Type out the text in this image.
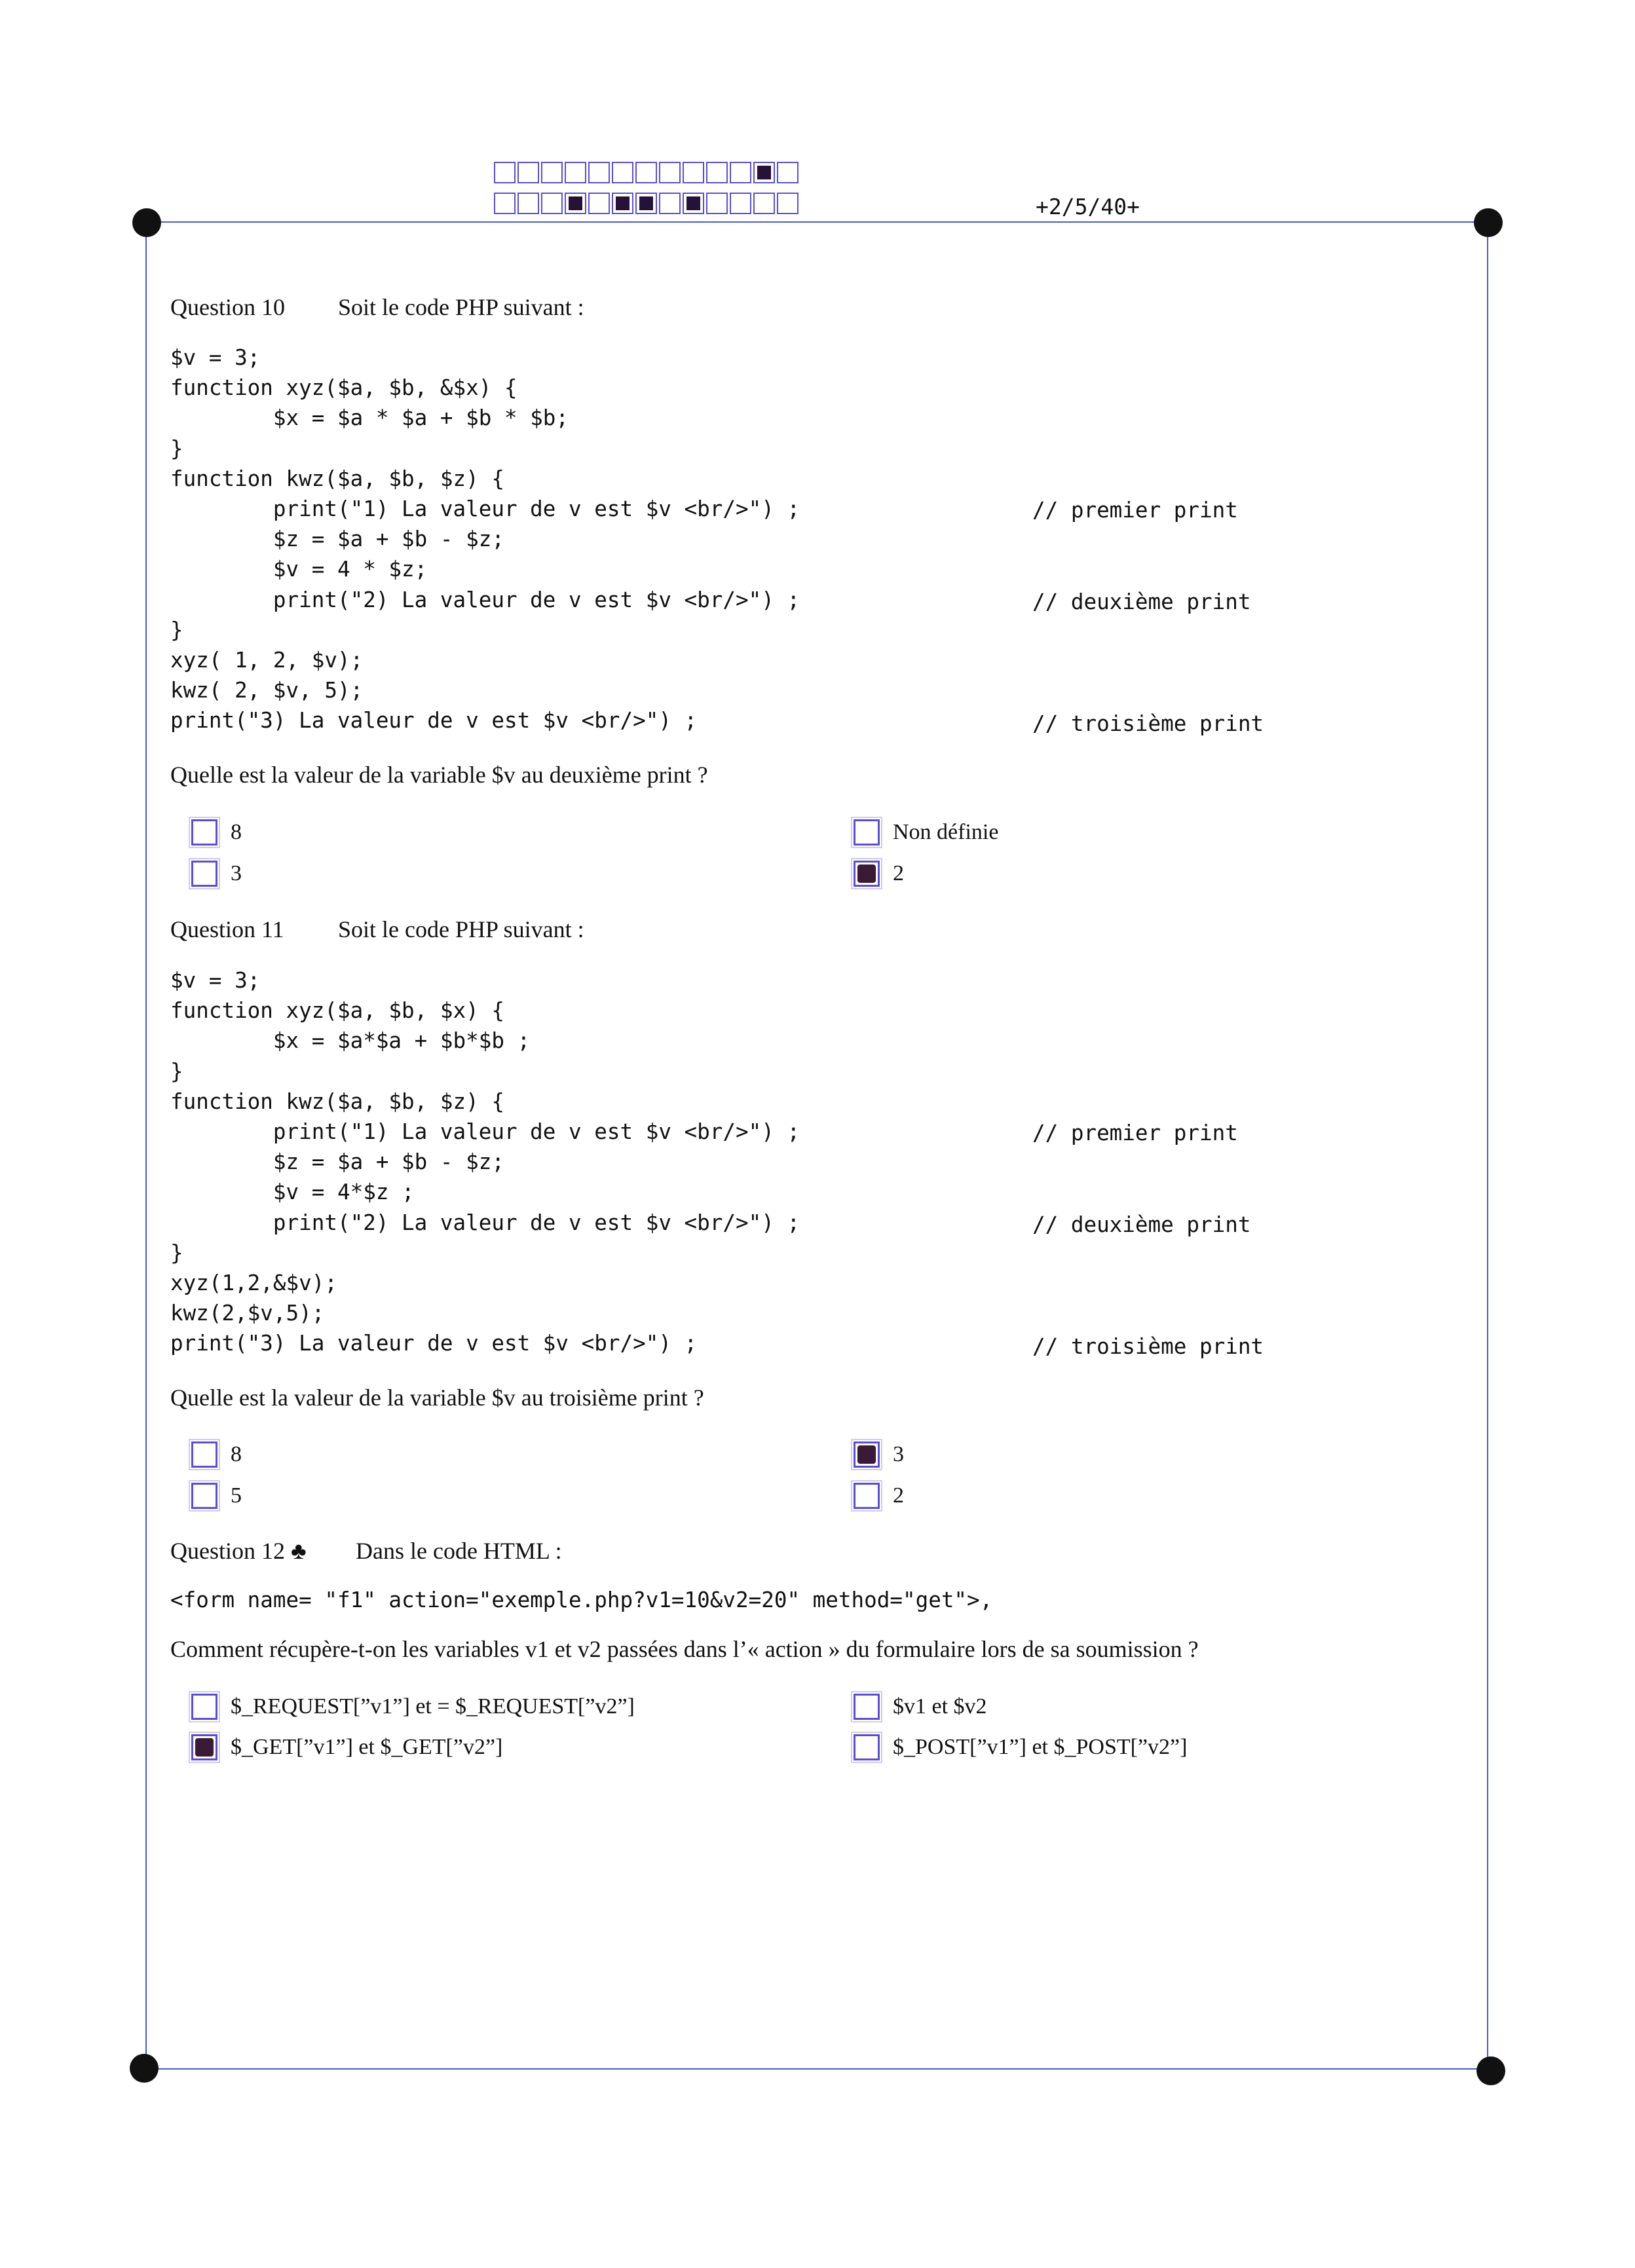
+2/5/40+
Question 10 Soit le code PHP suivant :
$v = 3;
function xyz($a, $b, &$x) {
$x = $a * $a + $b * $b;
}
function kwz($a, $b, $z) {
print("1) La valeur de v est $v <br/>") ;
$z = $a + $b - $z;
$v = 4 * $z;
print("2) La valeur de v est $v <br/>") ;
}
xyz( 1, 2, $v);
kwz( 2, $v, 5);
print("3) La valeur de v est $v <br/>") ;
// premier print
// deuxième print
// troisième print
Quelle est la valeur de la variable $v au deuxième print ?
8	Non définie
3	2
Question 11 Soit le code PHP suivant :
$v = 3;
function xyz($a, $b, $x) {
$x = $a*$a + $b*$b ;
}
function kwz($a, $b, $z) {
print("1) La valeur de v est $v <br/>") ;
$z = $a + $b - $z;
$v = 4*$z ;
print("2) La valeur de v est $v <br/>") ;
}
xyz(1,2,&$v);
kwz(2,$v,5);
print("3) La valeur de v est $v <br/>") ;
// premier print
// deuxième print
// troisième print
Quelle est la valeur de la variable $v au troisième print ?
8	3
5	2
Question 12 ♣ Dans le code HTML :
<form name= "f1" action="exemple.php?v1=10&v2=20" method="get">,
Comment récupère-t-on les variables v1 et v2 passées dans l’« action » du formulaire lors de sa soumission ?
$_REQUEST[”v1”] et = $_REQUEST[”v2”]	$v1 et $v2
$_GET[”v1”] et $_GET[”v2”]	$_POST[”v1”] et $_POST[”v2”]
